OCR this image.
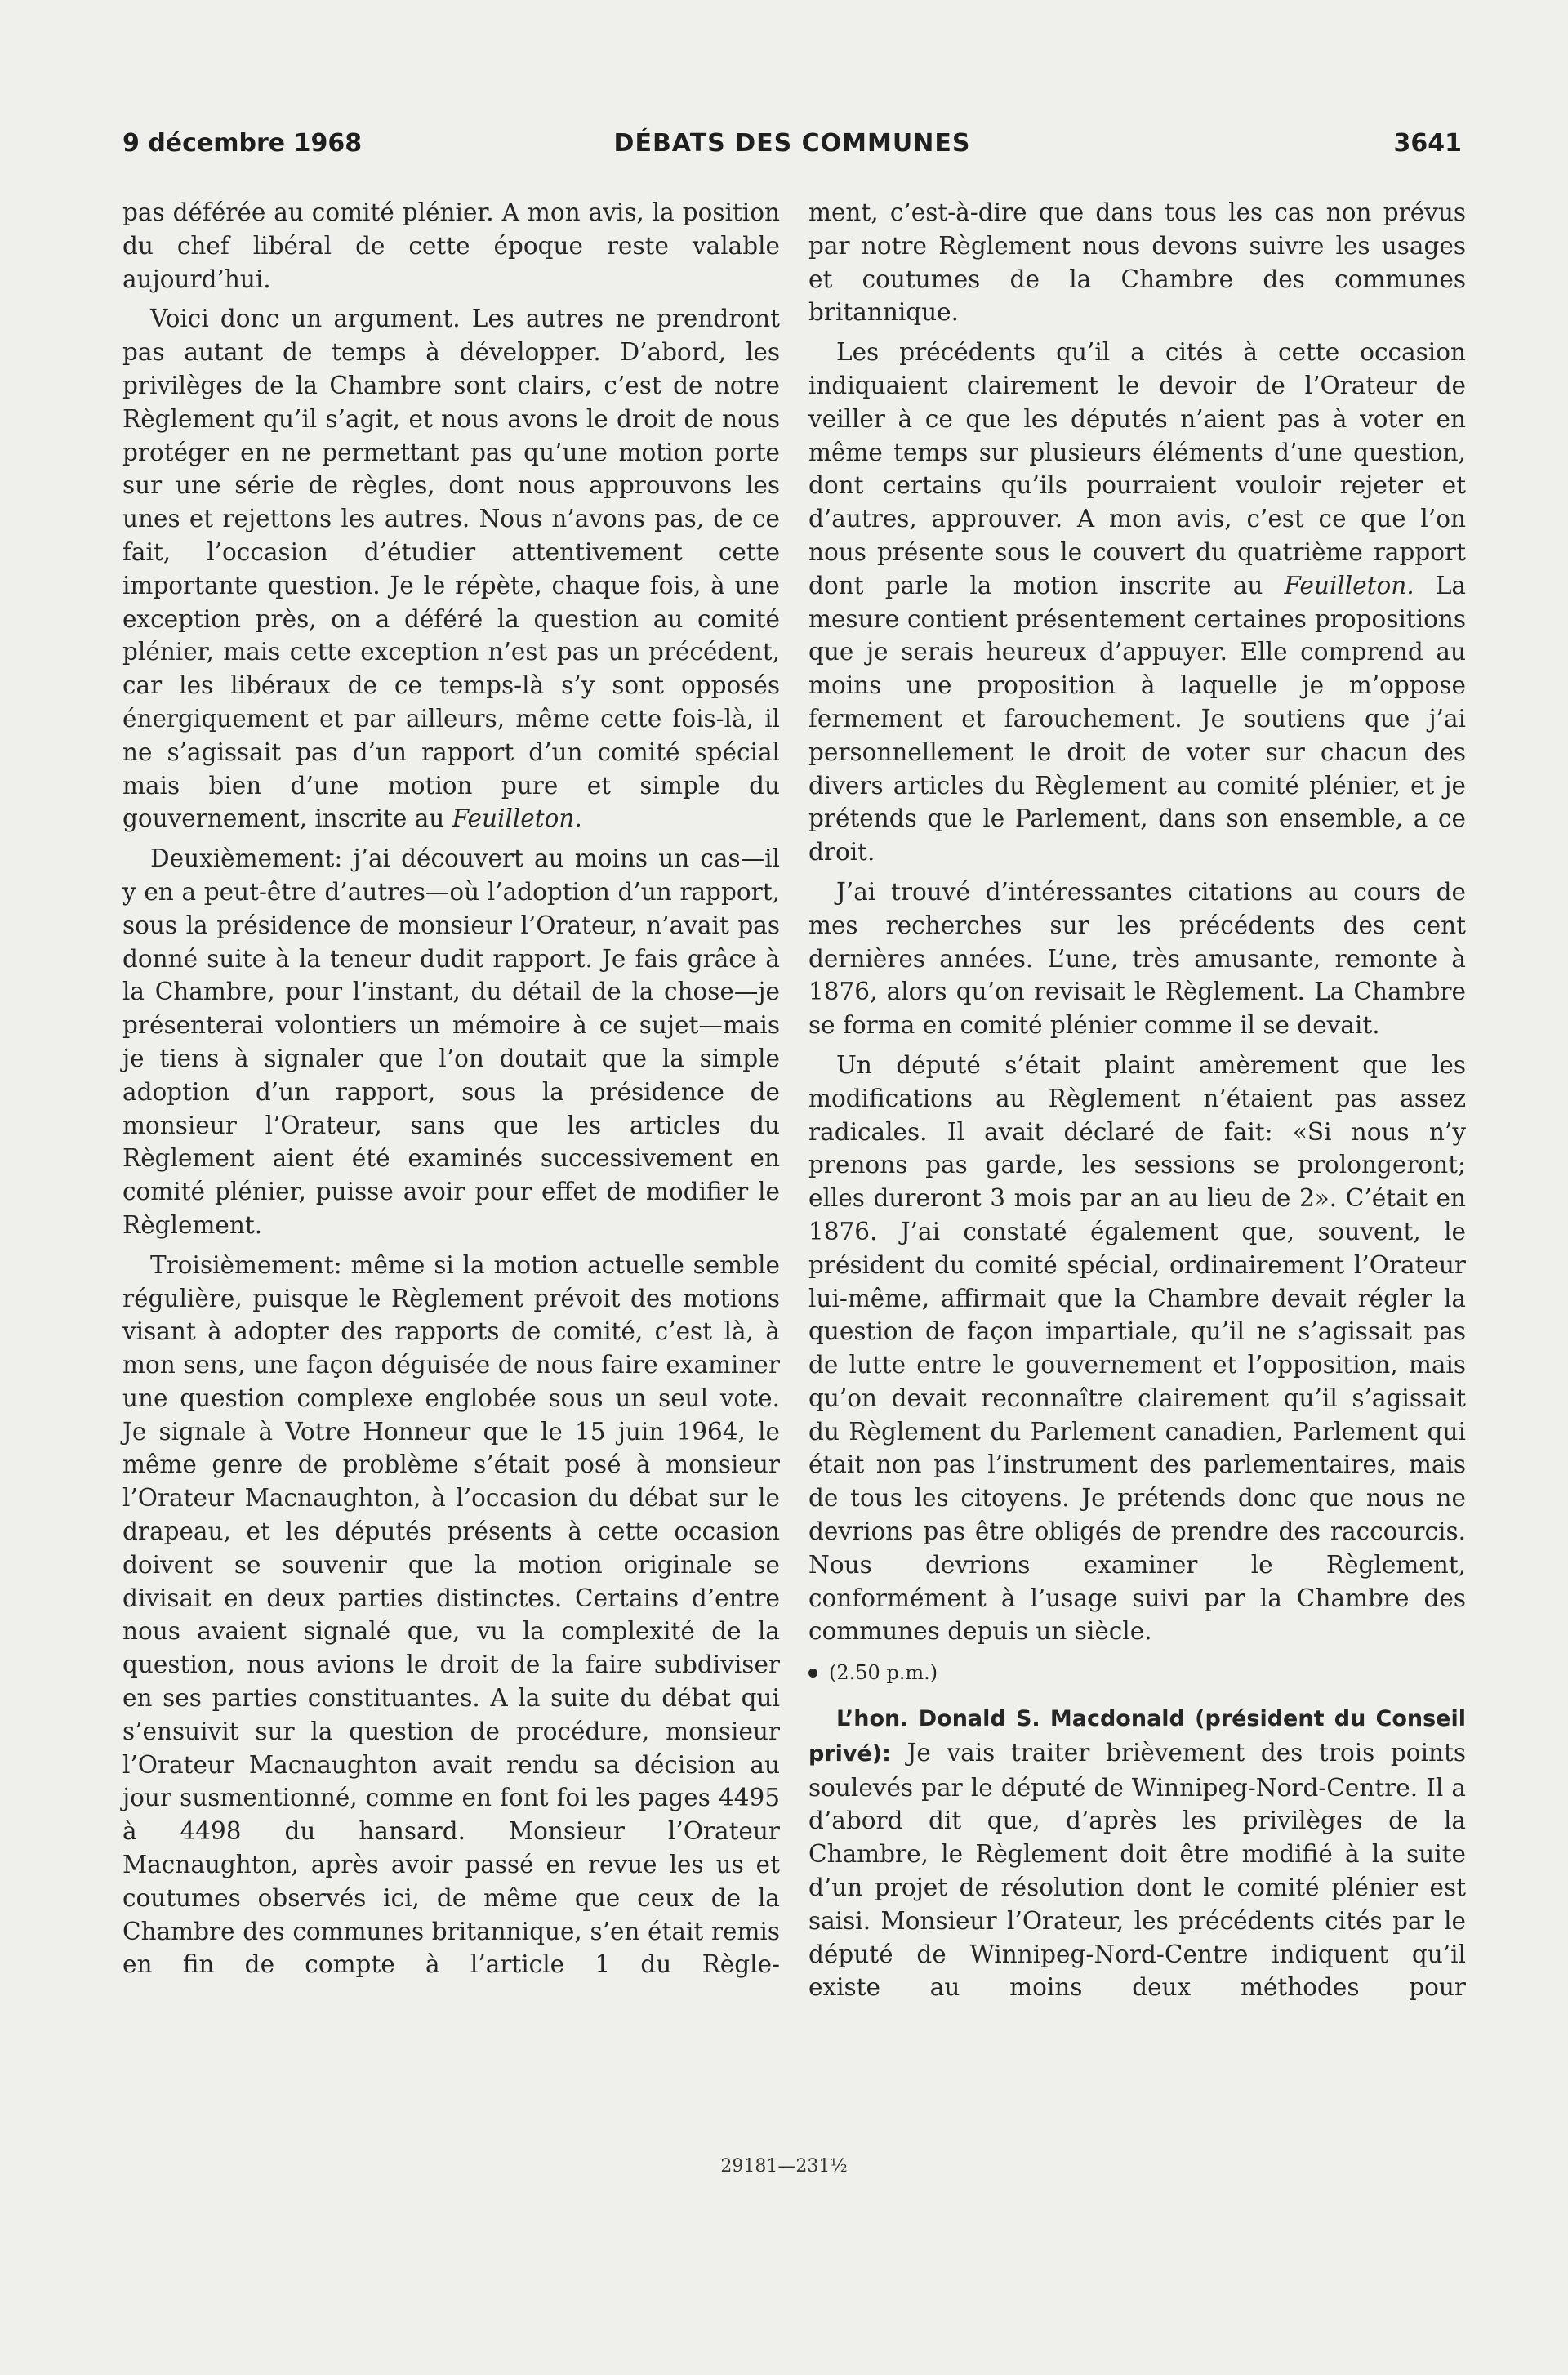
9 décembre 1968	DÉBATS DES COMMUNES	3641

pas déférée au comité plénier. A mon avis, la position du chef libéral de cette époque reste valable aujourd’hui.

Voici donc un argument. Les autres ne prendront pas autant de temps à développer. D’abord, les privilèges de la Chambre sont clairs, c’est de notre Règlement qu’il s’agit, et nous avons le droit de nous protéger en ne permettant pas qu’une motion porte sur une série de règles, dont nous approuvons les unes et rejettons les autres. Nous n’avons pas, de ce fait, l’occasion d’étudier attentivement cette importante question. Je le répète, chaque fois, à une exception près, on a déféré la question au comité plénier, mais cette exception n’est pas un précédent, car les libéraux de ce temps-là s’y sont opposés énergiquement et par ailleurs, même cette fois-là, il ne s’agissait pas d’un rapport d’un comité spécial mais bien d’une motion pure et simple du gouvernement, inscrite au Feuilleton.

Deuxièmement: j’ai découvert au moins un cas—il y en a peut-être d’autres—où l’adoption d’un rapport, sous la présidence de monsieur l’Orateur, n’avait pas donné suite à la teneur dudit rapport. Je fais grâce à la Chambre, pour l’instant, du détail de la chose—je présenterai volontiers un mémoire à ce sujet—mais je tiens à signaler que l’on doutait que la simple adoption d’un rapport, sous la présidence de monsieur l’Orateur, sans que les articles du Règlement aient été examinés successivement en comité plénier, puisse avoir pour effet de modifier le Règlement.

Troisièmement: même si la motion actuelle semble régulière, puisque le Règlement prévoit des motions visant à adopter des rapports de comité, c’est là, à mon sens, une façon déguisée de nous faire examiner une question complexe englobée sous un seul vote. Je signale à Votre Honneur que le 15 juin 1964, le même genre de problème s’était posé à monsieur l’Orateur Macnaughton, à l’occasion du débat sur le drapeau, et les députés présents à cette occasion doivent se souvenir que la motion originale se divisait en deux parties distinctes. Certains d’entre nous avaient signalé que, vu la complexité de la question, nous avions le droit de la faire subdiviser en ses parties constituantes. A la suite du débat qui s’ensuivit sur la question de procédure, monsieur l’Orateur Macnaughton avait rendu sa décision au jour susmentionné, comme en font foi les pages 4495 à 4498 du hansard. Monsieur l’Orateur Macnaughton, après avoir passé en revue les us et coutumes observés ici, de même que ceux de la Chambre des communes britannique, s’en était remis en fin de compte à l’article 1 du Règle-

ment, c’est-à-dire que dans tous les cas non prévus par notre Règlement nous devons suivre les usages et coutumes de la Chambre des communes britannique.

Les précédents qu’il a cités à cette occasion indiquaient clairement le devoir de l’Orateur de veiller à ce que les députés n’aient pas à voter en même temps sur plusieurs éléments d’une question, dont certains qu’ils pourraient vouloir rejeter et d’autres, approuver. A mon avis, c’est ce que l’on nous présente sous le couvert du quatrième rapport dont parle la motion inscrite au Feuilleton. La mesure contient présentement certaines propositions que je serais heureux d’appuyer. Elle comprend au moins une proposition à laquelle je m’oppose fermement et farouchement. Je soutiens que j’ai personnellement le droit de voter sur chacun des divers articles du Règlement au comité plénier, et je prétends que le Parlement, dans son ensemble, a ce droit.

J’ai trouvé d’intéressantes citations au cours de mes recherches sur les précédents des cent dernières années. L’une, très amusante, remonte à 1876, alors qu’on revisait le Règlement. La Chambre se forma en comité plénier comme il se devait.

Un député s’était plaint amèrement que les modifications au Règlement n’étaient pas assez radicales. Il avait déclaré de fait: «Si nous n’y prenons pas garde, les sessions se prolongeront; elles dureront 3 mois par an au lieu de 2». C’était en 1876. J’ai constaté également que, souvent, le président du comité spécial, ordinairement l’Orateur lui-même, affirmait que la Chambre devait régler la question de façon impartiale, qu’il ne s’agissait pas de lutte entre le gouvernement et l’opposition, mais qu’on devait reconnaître clairement qu’il s’agissait du Règlement du Parlement canadien, Parlement qui était non pas l’instrument des parlementaires, mais de tous les citoyens. Je prétends donc que nous ne devrions pas être obligés de prendre des raccourcis. Nous devrions examiner le Règlement, conformément à l’usage suivi par la Chambre des communes depuis un siècle.

(2.50 p.m.)

L’hon. Donald S. Macdonald (président du Conseil privé): Je vais traiter brièvement des trois points soulevés par le député de Winnipeg-Nord-Centre. Il a d’abord dit que, d’après les privilèges de la Chambre, le Règlement doit être modifié à la suite d’un projet de résolution dont le comité plénier est saisi. Monsieur l’Orateur, les précédents cités par le député de Winnipeg-Nord-Centre indiquent qu’il existe au moins deux méthodes pour

29181—231½
